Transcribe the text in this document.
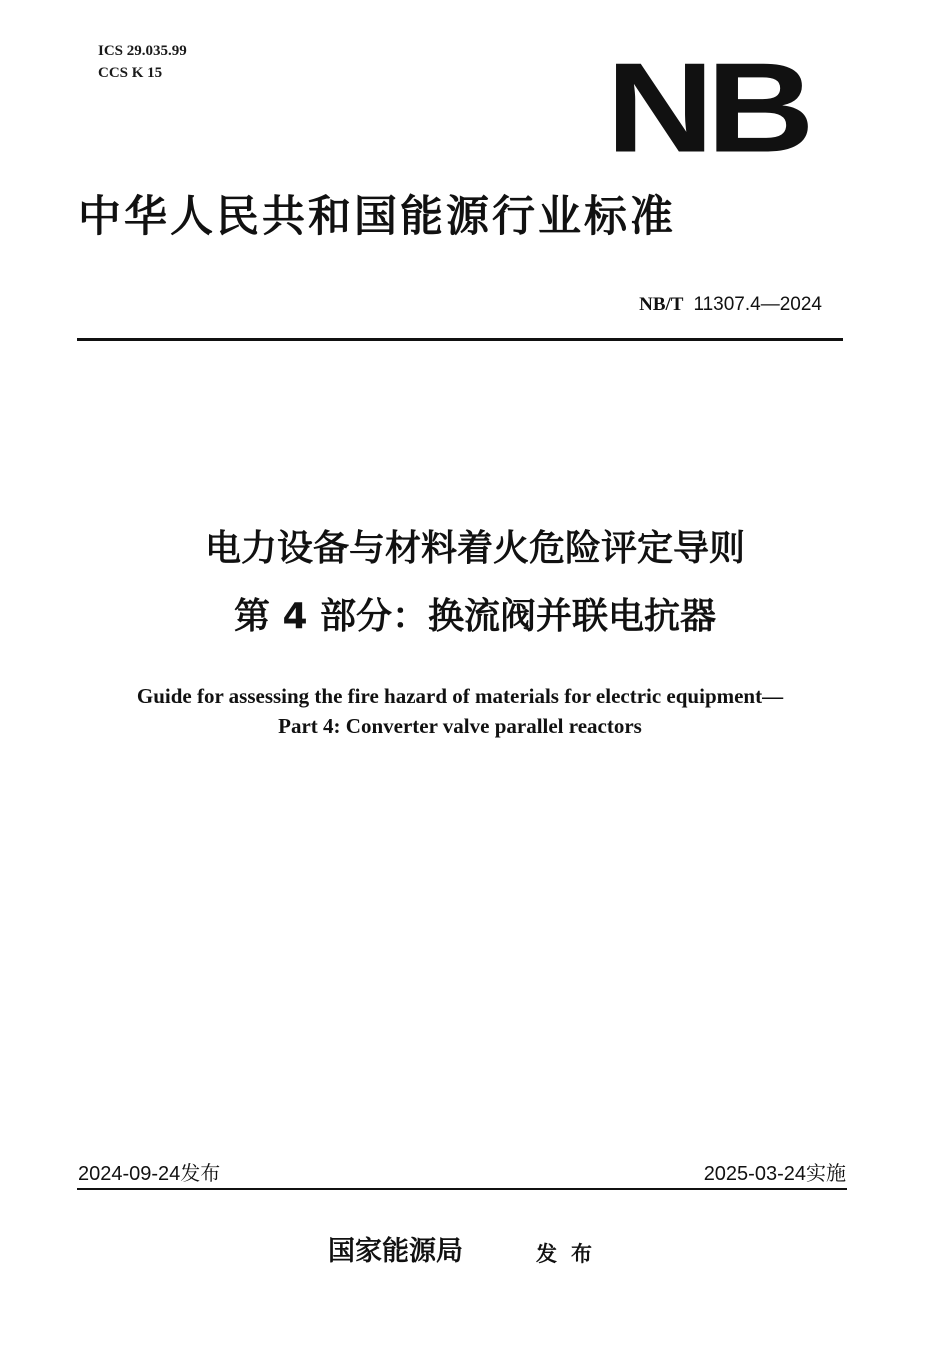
ICS 29.035.99
CCS K 15	NB
中华人民共和国能源行业标准
NB/T 11307.4—2024
电力设备与材料着火危险评定导则
第 4 部分：换流阀并联电抗器
Guide for assessing the fire hazard of materials for electric equipment—
Part 4: Converter valve parallel reactors
2024-09-24发布	2025-03-24实施
国家能源局	发布
